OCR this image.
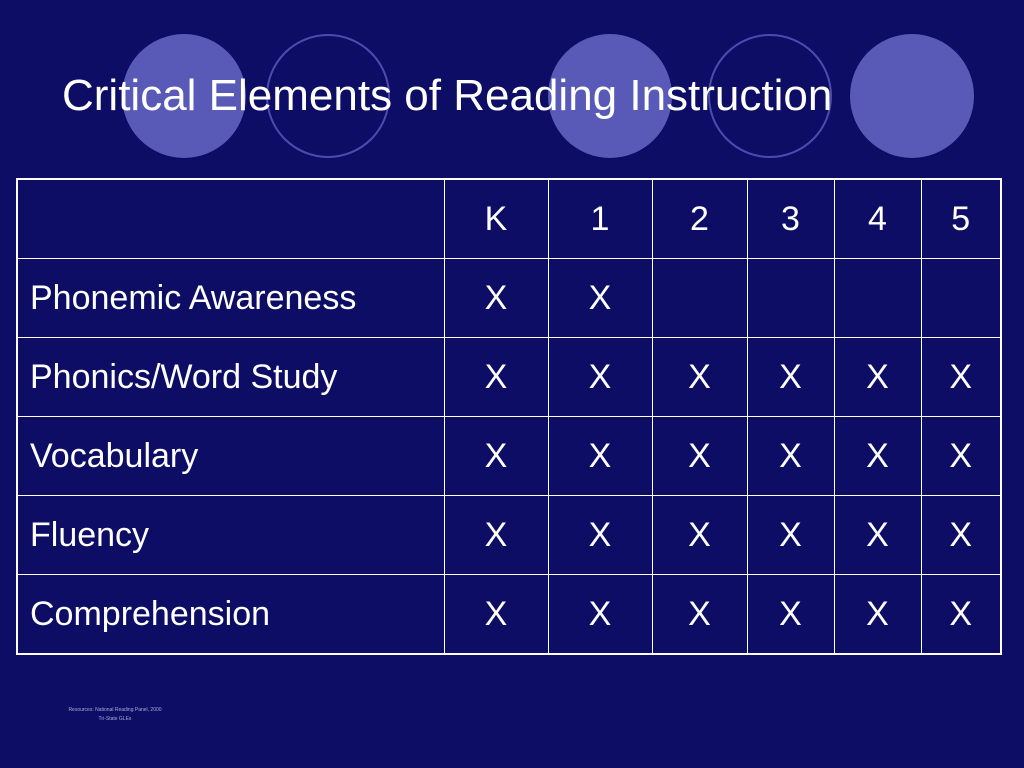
Critical Elements of Reading Instruction
	K	1	2	3	4	5
Phonemic Awareness	X	X				
Phonics/Word Study	X	X	X	X	X	X
Vocabulary	X	X	X	X	X	X
Fluency	X	X	X	X	X	X
Comprehension	X	X	X	X	X	X
Resources: National Reading Panel, 2000
Tri-State GLEs
